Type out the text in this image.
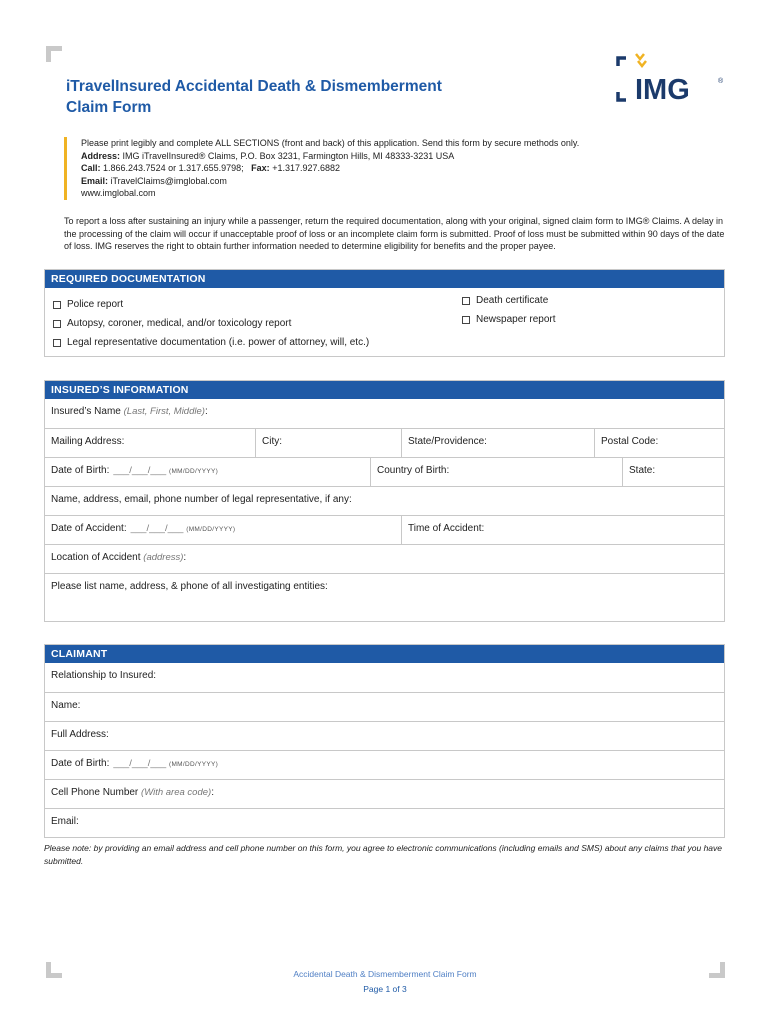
iTravelInsured Accidental Death & Dismemberment
Claim Form
IMG	®
Please print legibly and complete ALL SECTIONS (front and back) of this application. Send this form by secure methods only.
Address: IMG iTravelInsured® Claims, P.O. Box 3231, Farmington Hills, MI 48333-3231 USA
Call: 1.866.243.7524 or 1.317.655.9798; Fax: +1.317.927.6882
Email: iTravelClaims@imglobal.com
www.imglobal.com
To report a loss after sustaining an injury while a passenger, return the required documentation, along with your original, signed claim form to IMG® Claims. A delay in the processing of the claim will occur if unacceptable proof of loss or an incomplete claim form is submitted. Proof of loss must be submitted within 90 days of the date of loss. IMG reserves the right to obtain further information needed to determine eligibility for benefits and the proper payee.
REQUIRED DOCUMENTATION
Police report
Autopsy, coroner, medical, and/or toxicology report
Legal representative documentation (i.e. power of attorney, will, etc.)
Death certificate
Newspaper report
INSURED’S INFORMATION
Insured’s Name (Last, First, Middle):
Mailing Address:	City:	State/Providence:	Postal Code:
Date of Birth: ___/___/___ (MM/DD/YYYY)	Country of Birth:	State:
Name, address, email, phone number of legal representative, if any:
Date of Accident: ___/___/___ (MM/DD/YYYY)	Time of Accident:
Location of Accident (address):
Please list name, address, & phone of all investigating entities:
CLAIMANT
Relationship to Insured:
Name:
Full Address:
Date of Birth: ___/___/___ (MM/DD/YYYY)
Cell Phone Number (With area code):
Email:
Please note: by providing an email address and cell phone number on this form, you agree to electronic communications (including emails and SMS) about any claims that you have submitted.
Accidental Death & Dismemberment Claim Form
Page 1 of 3
